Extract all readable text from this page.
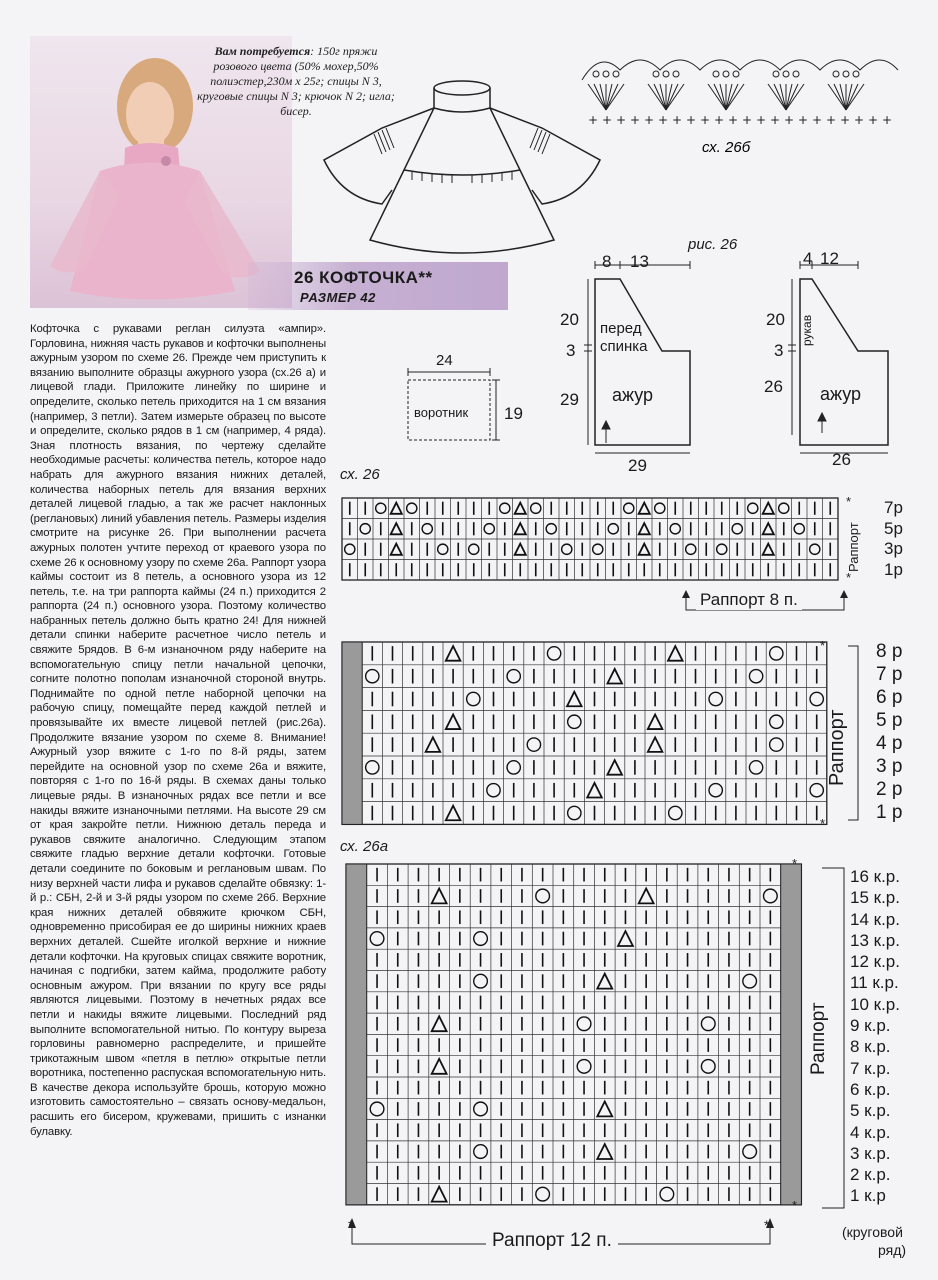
Вам потребуется: 150г пряжи розового цвета (50% мохер,50% полиэстер,230м х 25г; спицы N 3, круговые спицы N 3; крючок N 2; игла; бисер.
26 КОФТОЧКА**
РАЗМЕР 42
Кофточка с рукавами реглан силуэта «ампир». Горловина, нижняя часть рукавов и кофточки выполнены ажурным узором по схеме 26. Прежде чем приступить к вязанию выполните образцы ажурного узора (сх.26 а) и лицевой глади. Приложите линейку по ширине и определите, сколько петель приходится на 1 см вязания (например, 3 петли). Затем измерьте образец по высоте и определите, сколько рядов в 1 см (например, 4 ряда). Зная плотность вязания, по чертежу сделайте необходимые расчеты: количества петель, которое надо набрать для ажурного вязания нижних деталей, количества наборных петель для вязания верхних деталей лицевой гладью, а так же расчет наклонных (реглановых) линий убавления петель. Размеры изделия смотрите на рисунке 26. При выполнении расчета ажурных полотен учтите переход от краевого узора по схеме 26 к основному узору по схеме 26а. Раппорт узора каймы состоит из 8 петель, а основного узора из 12 петель, т.е. на три раппорта каймы (24 п.) приходится 2 раппорта (24 п.) основного узора. Поэтому количество набранных петель должно быть кратно 24! Для нижней детали спинки наберите расчетное число петель и свяжите 5рядов. В 6-м изнаночном ряду наберите на вспомогательную спицу петли начальной цепочки, согните полотно пополам изнаночной стороной внутрь. Поднимайте по одной петле наборной цепочки на рабочую спицу, помещайте перед каждой петлей и провязывайте их вместе лицевой петлей (рис.26а). Продолжите вязание узором по схеме 8. Внимание! Ажурный узор вяжите с 1-го по 8-й ряды, затем перейдите на основной узор по схеме 26а и вяжите, повторяя с 1-го по 16-й ряды. В схемах даны только лицевые ряды. В изнаночных рядах все петли и все накиды вяжите изнаночными петлями. На высоте 29 см от края закройте петли. Нижнюю деталь переда и рукавов свяжите аналогично. Следующим этапом свяжите гладью верхние детали кофточки. Готовые детали соедините по боковым и реглановым швам. По низу верхней части лифа и рукавов сделайте обвязку: 1-й р.: СБН, 2-й и 3-й ряды узором по схеме 26б. Верхние края нижних деталей обвяжите крючком СБН, одновременно присобирая ее до ширины нижних краев верхних деталей. Сшейте иголкой верхние и нижние детали кофточки. На круговых спицах свяжите воротник, начиная с подгибки, затем кайма, продолжите работу основным ажуром. При вязании по кругу все ряды являются лицевыми. Поэтому в нечетных рядах все петли и накиды вяжите лицевыми. Последний ряд выполните вспомогательной нитью. По контуру выреза горловины равномерно распределите, и пришейте трикотажным швом «петля в петлю» открытые петли воротника, постепенно распуская вспомогательную нить. В качестве декора используйте брошь, которую можно изготовить самостоятельно – связать основу-медальон, расшить его бисером, кружевами, пришить с изнанки булавку.
+ + + + + + + + + + + + + + + + + + + + + +
сх. 26б
рис. 26
24
воротник 19
8 13
20
3
29
перед
спинка
ажур
29
4 12
20
3
26
рукав
ажур
26
сх. 26
сх. 26а
*
*
7р
5р
3р
1р
Раппорт
Раппорт 8 п.
*
*
8 р
7 р
6 р
5 р
4 р
3 р
2 р
1 р
Раппорт
*
*
16 к.р.
15 к.р.
14 к.р.
13 к.р.
12 к.р.
11 к.р.
10 к.р.
9 к.р.
8 к.р.
7 к.р.
6 к.р.
5 к.р.
4 к.р.
3 к.р.
2 к.р.
1 к.р
Раппорт
*	*
Раппорт 12 п.	(круговой
ряд)
